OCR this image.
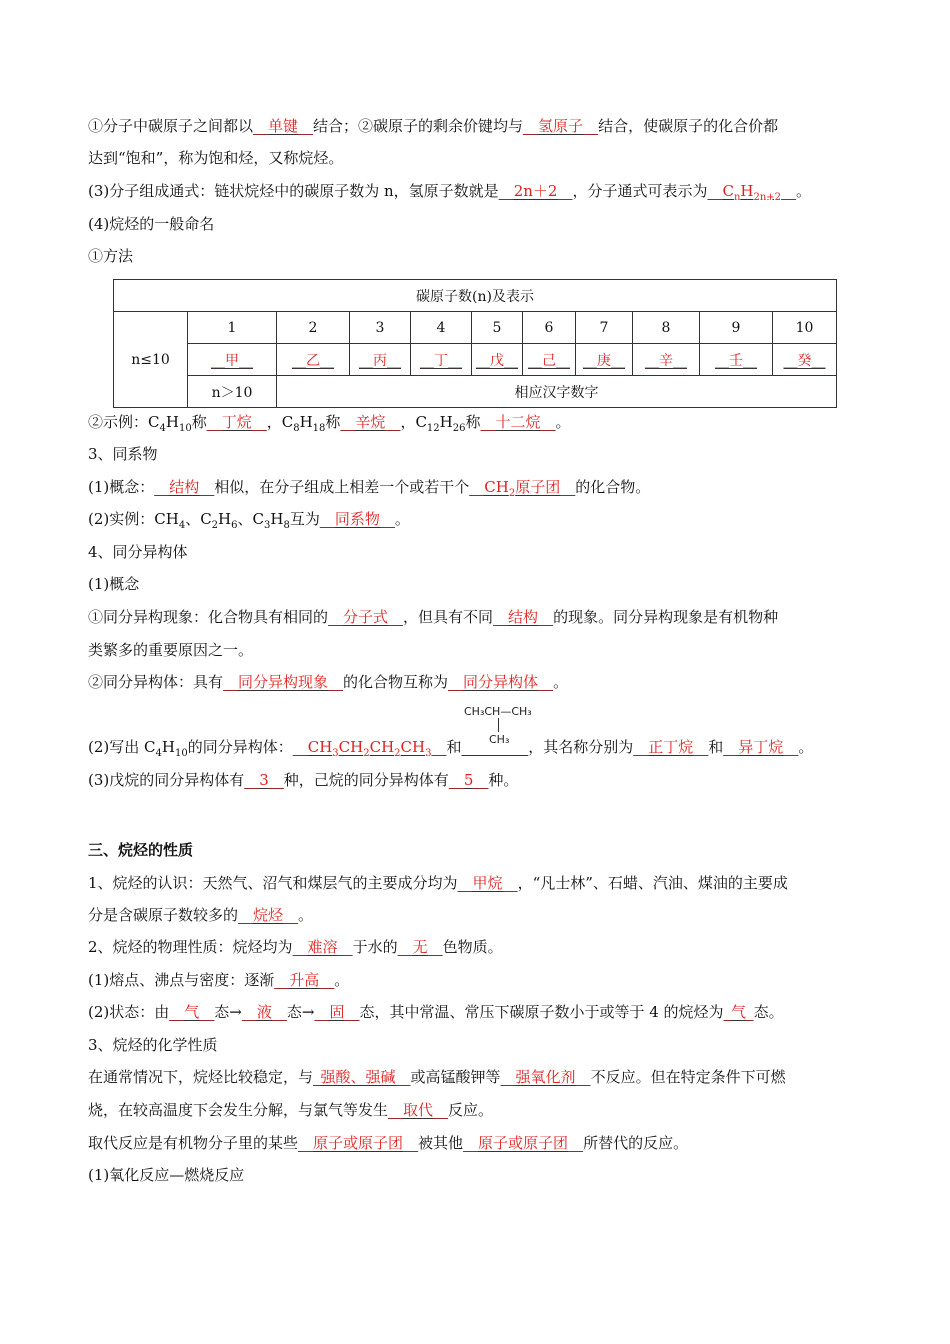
①分子中碳原子之间都以__单键__结合；②碳原子的剩余价键均与__氢原子__结合，使碳原子的化合价都
达到“饱和”，称为饱和烃，又称烷烃。
(3)分子组成通式：链状烷烃中的碳原子数为 n，氢原子数就是__2n＋2__，分子通式可表示为$\_\_C_nH_{2n+2}\_\_$。
(4)烷烃的一般命名
①方法
碳原子数(n)及表示										
n≤10	1	2	3	4	5	6	7	8	9	10
	__甲__	__乙__	__丙__	__丁__	__戊__	__己__	__庚__	__辛__	__壬__	__癸__
	n＞10	相应汉字数字								
②示例：$C_4H_{10}$称__丁烷__，$C_8H_{18}$称__辛烷__，$C_{12}H_{26}$称__十二烷__。
3、同系物
(1)概念：__结构__相似，在分子组成上相差一个或若干个$\_\_CH_2$原子团__的化合物。
(2)实例：$CH_4$、$C_2H_6$、$C_3H_8$互为__同系物__。
4、同分异构体
(1)概念
①同分异构现象：化合物具有相同的__分子式__，但具有不同__结构__的现象。同分异构现象是有机物种
类繁多的重要原因之一。
②同分异构体：具有__同分异构现象__的化合物互称为__同分异构体__。
CH₃CH—CH₃
CH₃
(2)写出 $C_4H_{10}$的同分异构体：$\_\_CH_3CH_2CH_2CH_3\_\_$和	，其名称分别为__正丁烷__和__异丁烷__。
(3)戊烷的同分异构体有__3__种，己烷的同分异构体有__5__种。
三、烷烃的性质
1、烷烃的认识：天然气、沼气和煤层气的主要成分均为__甲烷__，“凡士林”、石蜡、汽油、煤油的主要成
分是含碳原子数较多的__烷烃__。
2、烷烃的物理性质：烷烃均为__难溶__于水的__无__色物质。
(1)熔点、沸点与密度：逐渐__升高__。
(2)状态：由__气__态→__液__态→__固__态，其中常温、常压下碳原子数小于或等于 4 的烷烃为_气_态。
3、烷烃的化学性质
在通常情况下，烷烃比较稳定，与_强酸、强碱__或高锰酸钾等__强氧化剂__不反应。但在特定条件下可燃
烧，在较高温度下会发生分解，与氯气等发生__取代__反应。
取代反应是有机物分子里的某些__原子或原子团__被其他__原子或原子团__所替代的反应。
(1)氧化反应—燃烧反应
